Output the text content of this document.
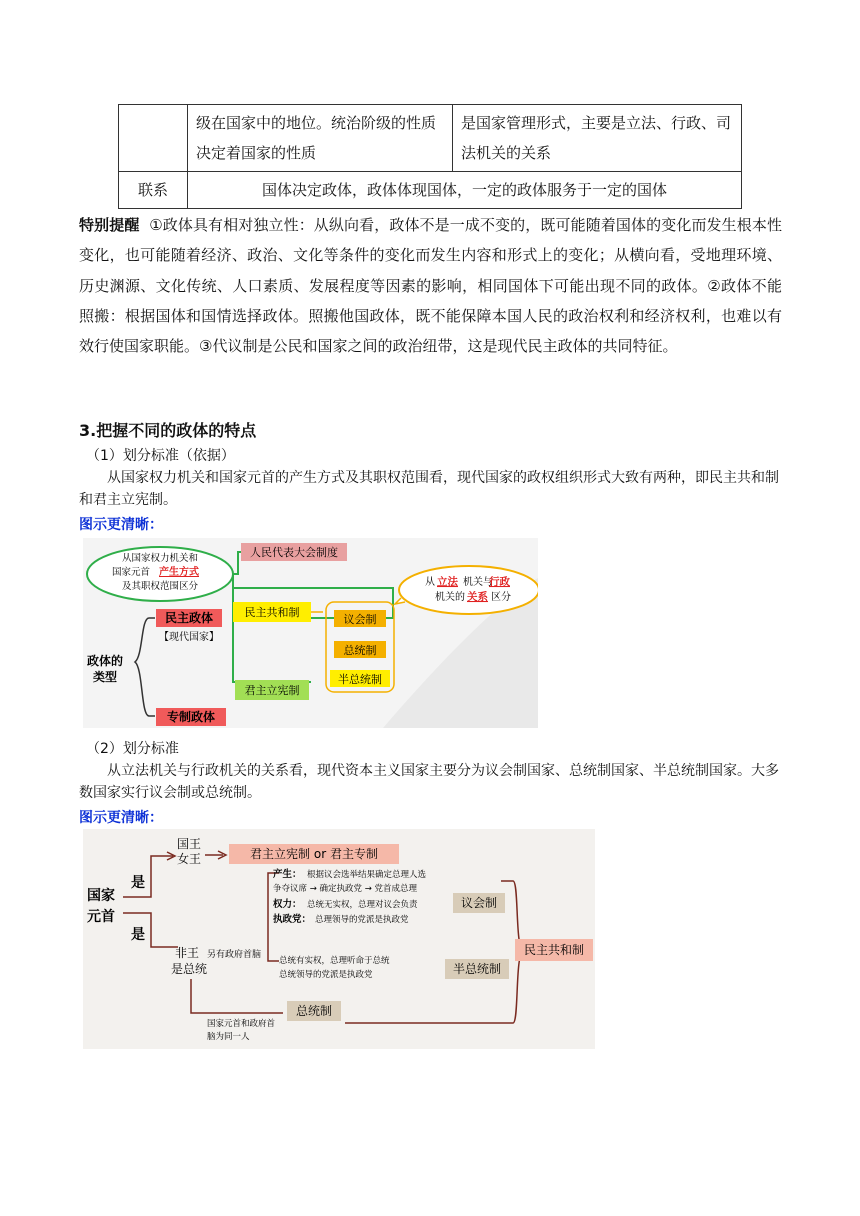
	级在国家中的地位。统治阶级的性质决定着国家的性质	是国家管理形式，主要是立法、行政、司法机关的关系
联系	国体决定政体，政体体现国体，一定的政体服务于一定的国体	
特别提醒 ①政体具有相对独立性：从纵向看，政体不是一成不变的，既可能随着国体的变化而发生根本性变化，也可能随着经济、政治、文化等条件的变化而发生内容和形式上的变化；从横向看，受地理环境、历史渊源、文化传统、人口素质、发展程度等因素的影响，相同国体下可能出现不同的政体。②政体不能照搬：根据国体和国情选择政体。照搬他国政体，既不能保障本国人民的政治权利和经济权利，也难以有效行使国家职能。③代议制是公民和国家之间的政治纽带，这是现代民主政体的共同特征。
3.把握不同的政体的特点
（1）划分标准（依据）
从国家权力机关和国家元首的产生方式及其职权范围看，现代国家的政权组织形式大致有两种，即民主共和制和君主立宪制。
图示更清晰：
从国家权力机关和
国家元首 产生方式
及其职权范围区分
人民代表大会制度
民主政体
【现代国家】
政体的
类型
专制政体
民主共和制
君主立宪制
议会制
总统制
半总统制
从 立法 机关与
行政
机关的 关系 区分
（2）划分标准
从立法机关与行政机关的关系看，现代资本主义国家主要分为议会制国家、总统制国家、半总统制国家。大多数国家实行议会制或总统制。
图示更清晰：
国家
元首
是
是
国王
女王	君主立宪制 or 君主专制
非王
是总统
另有政府首脑
产生： 根据议会选举结果确定总理人选
争夺议席 → 确定执政党 → 党首成总理
权力： 总统无实权，总理对议会负责
执政党： 总理领导的党派是执政党
议会制
总统有实权，总理听命于总统
总统领导的党派是执政党	半总统制
总统制
国家元首和政府首
脑为同一人
民主共和制
